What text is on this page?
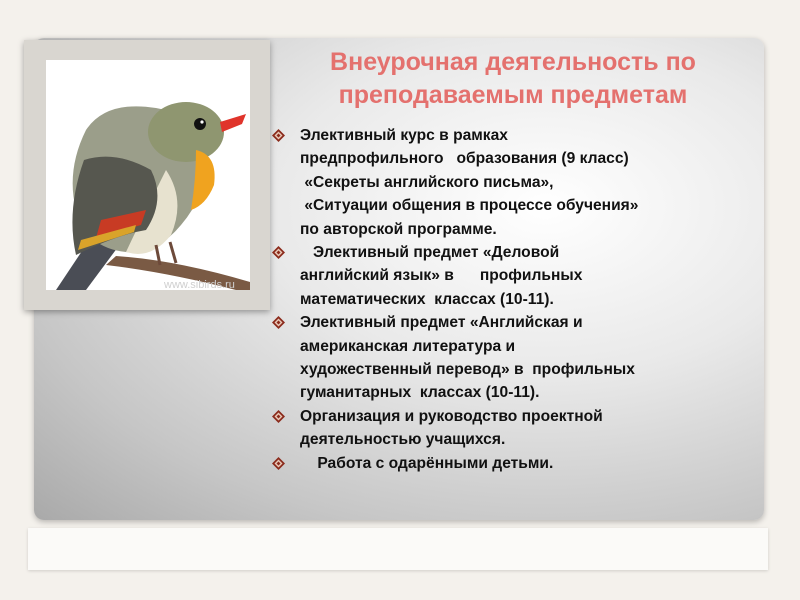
www.sibirds.ru
Внеурочная деятельность по
преподаваемым предметам
Элективный курс в рамках
предпрофильного   образования (9 класс)
«Секреты английского письма»,
«Ситуации общения в процессе обучения»
по авторской программе.
Элективный предмет «Деловой
английский язык» в      профильных
математических  классах (10-11).
Элективный предмет «Английская и
американская литература и
художественный перевод» в  профильных
гуманитарных  классах (10-11).
Организация и руководство проектной
деятельностью учащихся.
Работа с одарёнными детьми.
